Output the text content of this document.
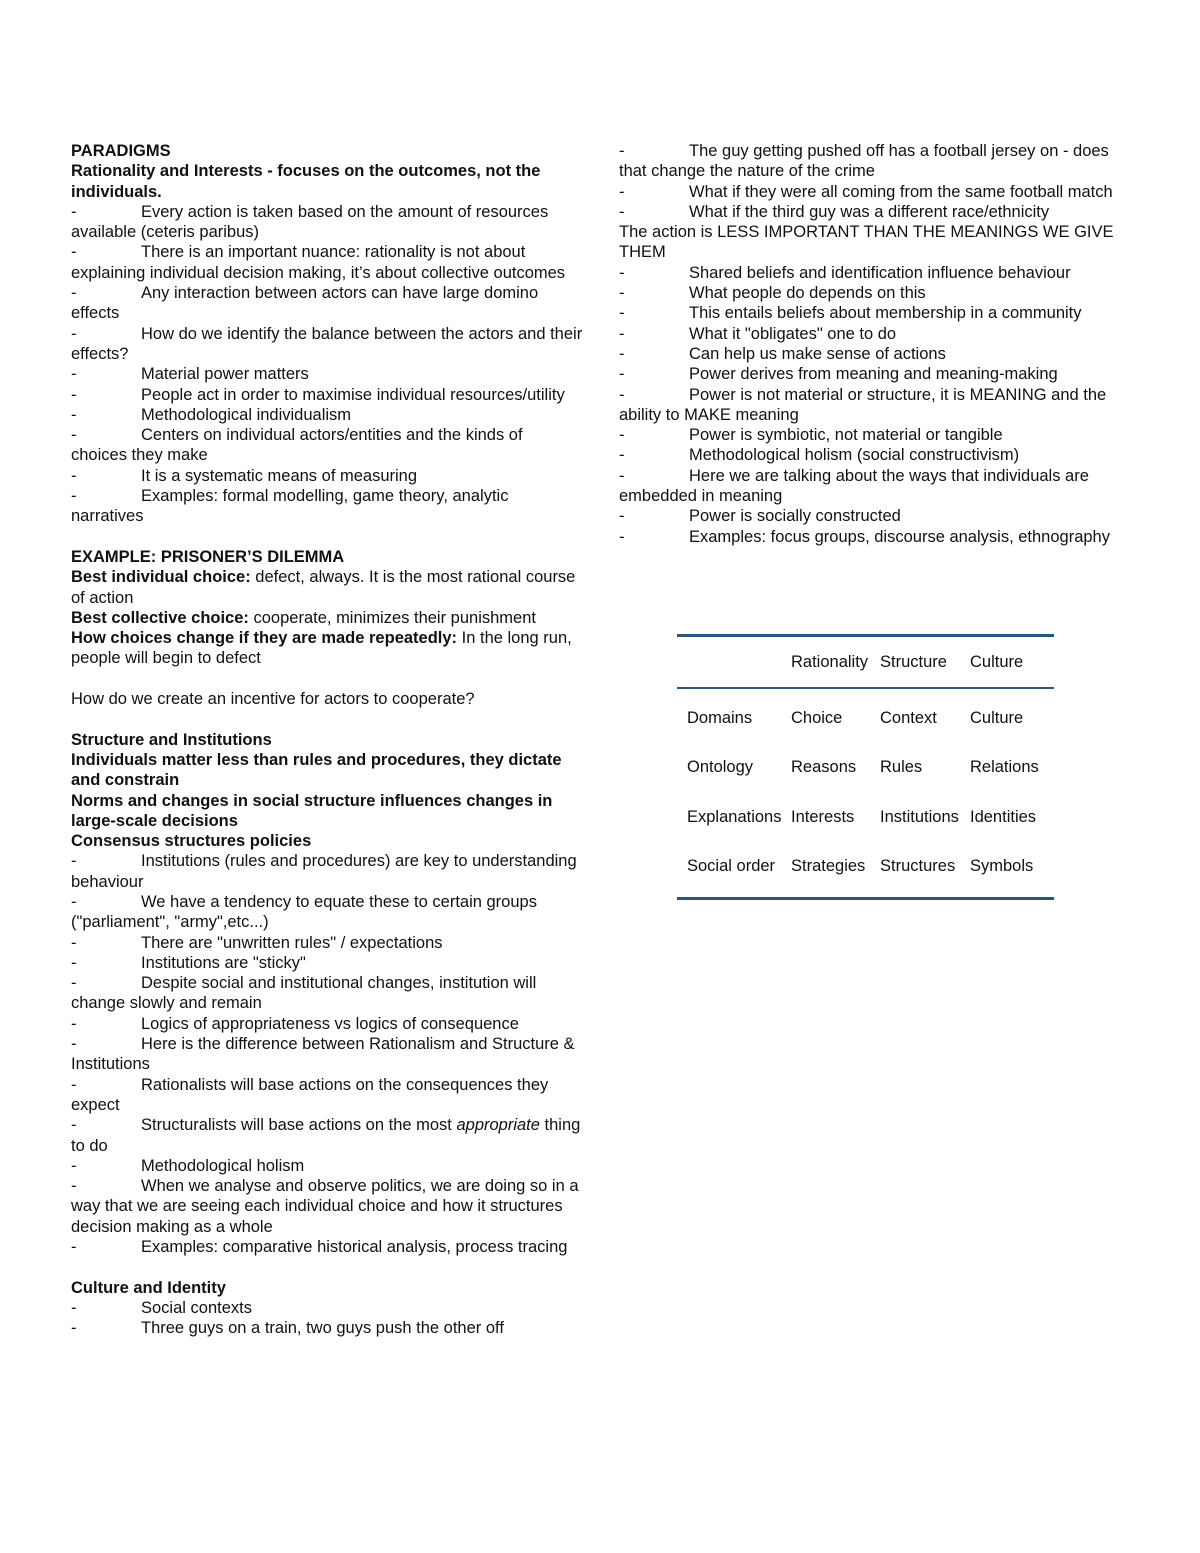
PARADIGMS

Rationality and Interests - focuses on the outcomes, not the individuals.

-	Every action is taken based on the amount of resources available (ceteris paribus)

-	There is an important nuance: rationality is not about explaining individual decision making, it’s about collective outcomes

-	Any interaction between actors can have large domino effects

-	How do we identify the balance between the actors and their effects?

-	Material power matters

-	People act in order to maximise individual resources/utility

-	Methodological individualism

-	Centers on individual actors/entities and the kinds of choices they make

-	It is a systematic means of measuring

-	Examples: formal modelling, game theory, analytic narratives

EXAMPLE: PRISONER’S DILEMMA

Best individual choice: defect, always. It is the most rational course of action

Best collective choice: cooperate, minimizes their punishment

How choices change if they are made repeatedly: In the long run, people will begin to defect

How do we create an incentive for actors to cooperate?

Structure and Institutions

Individuals matter less than rules and procedures, they dictate and constrain

Norms and changes in social structure influences changes in large-scale decisions

Consensus structures policies

-	Institutions (rules and procedures) are key to understanding behaviour

-	We have a tendency to equate these to certain groups ("parliament", "army",etc...)

-	There are "unwritten rules" / expectations

-	Institutions are "sticky"

-	Despite social and institutional changes, institution will change slowly and remain

-	Logics of appropriateness vs logics of consequence

-	Here is the difference between Rationalism and Structure & Institutions

-	Rationalists will base actions on the consequences they expect

-	Structuralists will base actions on the most appropriate thing to do

-	Methodological holism

-	When we analyse and observe politics, we are doing so in a way that we are seeing each individual choice and how it structures decision making as a whole

-	Examples: comparative historical analysis, process tracing

Culture and Identity

-	Social contexts

-	Three guys on a train, two guys push the other off

-	The guy getting pushed off has a football jersey on - does that change the nature of the crime

-	What if they were all coming from the same football match

-	What if the third guy was a different race/ethnicity

The action is LESS IMPORTANT THAN THE MEANINGS WE GIVE THEM

-	Shared beliefs and identification influence behaviour

-	What people do depends on this

-	This entails beliefs about membership in a community

-	What it "obligates" one to do

-	Can help us make sense of actions

-	Power derives from meaning and meaning-making

-	Power is not material or structure, it is MEANING and the ability to MAKE meaning

-	Power is symbiotic, not material or tangible

-	Methodological holism (social constructivism)

-	Here we are talking about the ways that individuals are embedded in meaning

-	Power is socially constructed

-	Examples: focus groups, discourse analysis, ethnography

	Rationality	Structure	Culture
Domains	Choice	Context	Culture
Ontology	Reasons	Rules	Relations
Explanations	Interests	Institutions	Identities
Social order	Strategies	Structures	Symbols
